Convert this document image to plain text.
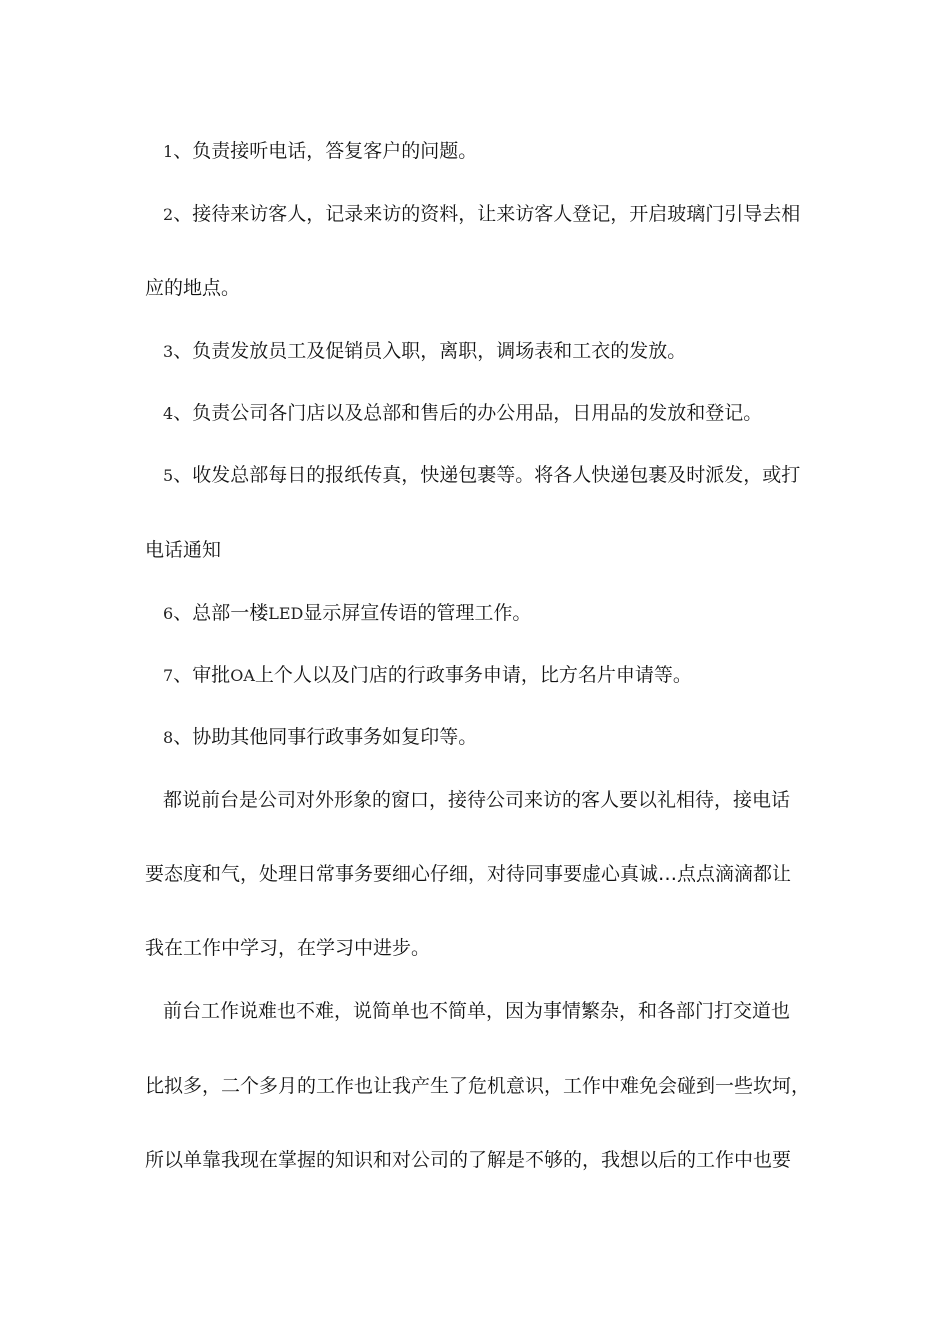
1、负责接听电话，答复客户的问题。
2、接待来访客人，记录来访的资料，让来访客人登记，开启玻璃门引导去相
应的地点。
3、负责发放员工及促销员入职，离职，调场表和工衣的发放。
4、负责公司各门店以及总部和售后的办公用品，日用品的发放和登记。
5、收发总部每日的报纸传真，快递包裹等。将各人快递包裹及时派发，或打
电话通知
6、总部一楼LED显示屏宣传语的管理工作。
7、审批OA上个人以及门店的行政事务申请，比方名片申请等。
8、协助其他同事行政事务如复印等。
都说前台是公司对外形象的窗口，接待公司来访的客人要以礼相待，接电话
要态度和气，处理日常事务要细心仔细，对待同事要虚心真诚…点点滴滴都让
我在工作中学习，在学习中进步。
前台工作说难也不难，说简单也不简单，因为事情繁杂，和各部门打交道也
比拟多，二个多月的工作也让我产生了危机意识，工作中难免会碰到一些坎坷，
所以单靠我现在掌握的知识和对公司的了解是不够的，我想以后的工作中也要
